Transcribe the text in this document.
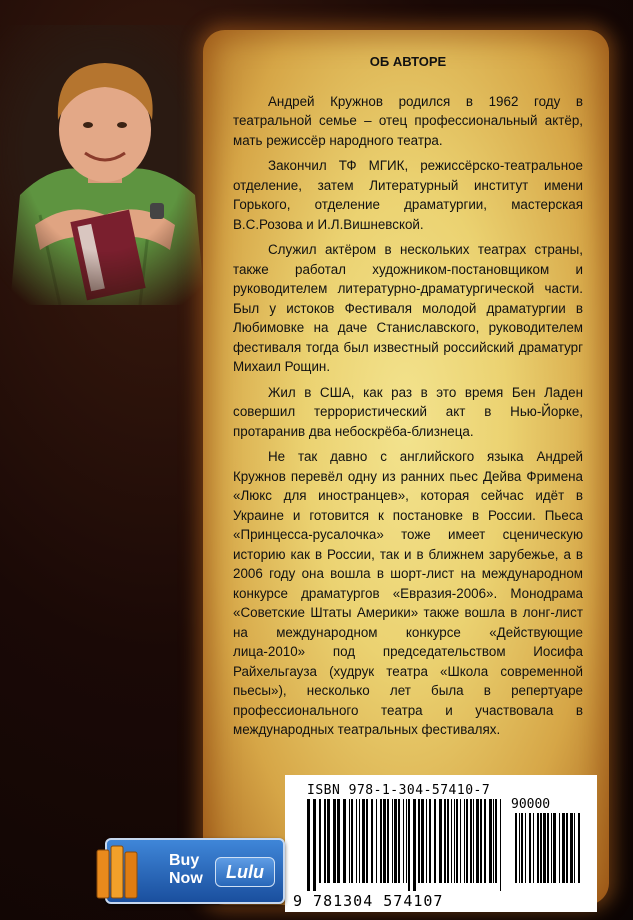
ОБ АВТОРЕ

Андрей Кружнов родился в 1962 году в театральной семье – отец профессиональный актёр, мать режиссёр народного театра.

Закончил ТФ МГИК, режиссёрско-театральное отделение, затем Литературный институт имени Горького, отделение драматургии, мастерская В.С.Розова и И.Л.Вишневской.

Служил актёром в нескольких театрах страны, также работал художником-постановщиком и руководителем литературно-драматургической части. Был у истоков Фестиваля молодой драматургии в Любимовке на даче Станиславского, руководителем фестиваля тогда был известный российский драматург Михаил Рощин.

Жил в США, как раз в это время Бен Ладен совершил террористический акт в Нью-Йорке, протаранив два небоскрёба-близнеца.

Не так давно с английского языка Андрей Кружнов перевёл одну из ранних пьес Дейва Фримена «Люкс для иностранцев», которая сейчас идёт в Украине и готовится к постановке в России. Пьеса «Принцесса-русалочка» тоже имеет сценическую историю как в России, так и в ближнем зарубежье, а в 2006 году она вошла в шорт-лист на международном конкурсе драматургов «Евразия-2006». Монодрама «Советские Штаты Америки» также вошла в лонг-лист на международном конкурсе «Действующие лица-2010» под председательством Иосифа Райхельгауза (худрук театра «Школа современной пьесы»), несколько лет была в репертуаре профессионального театра и участвовала в международных театральных фестивалях.

ISBN 978-1-304-57410-7
90000
9 781304 574107
Buy
Now	Lulu
